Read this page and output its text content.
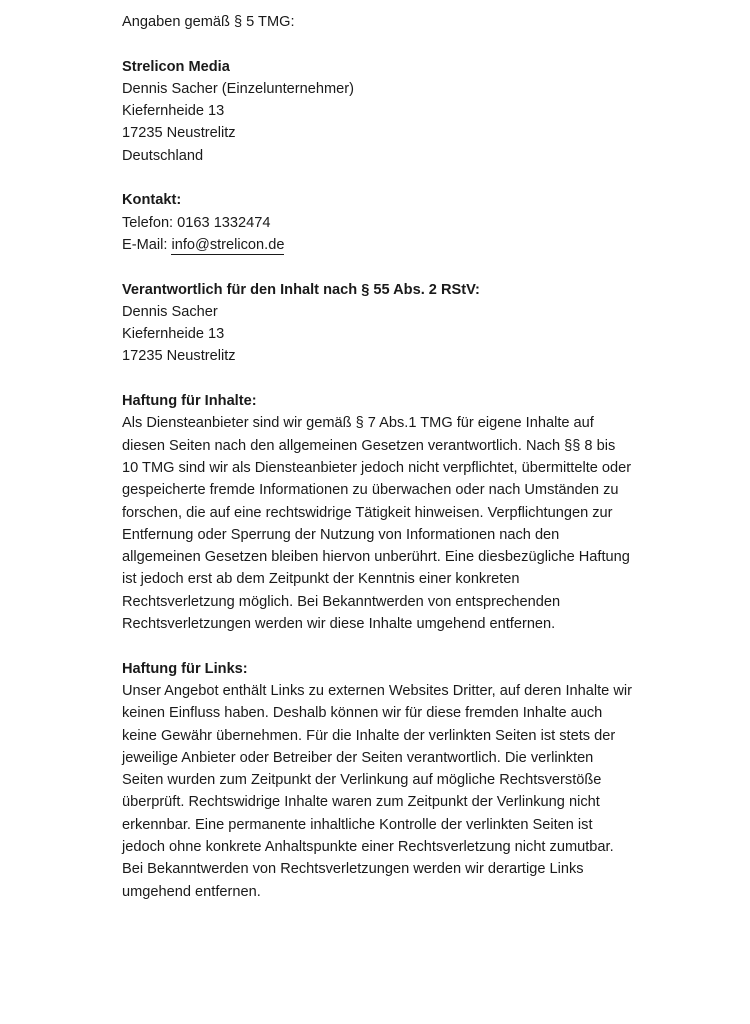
Angaben gemäß § 5 TMG:
Strelicon Media
Dennis Sacher (Einzelunternehmer)
Kiefernheide 13
17235 Neustrelitz
Deutschland
Kontakt:
Telefon: 0163 1332474
E-Mail: info@strelicon.de
Verantwortlich für den Inhalt nach § 55 Abs. 2 RStV:
Dennis Sacher
Kiefernheide 13
17235 Neustrelitz
Haftung für Inhalte:
Als Diensteanbieter sind wir gemäß § 7 Abs.1 TMG für eigene Inhalte auf
diesen Seiten nach den allgemeinen Gesetzen verantwortlich. Nach §§ 8 bis
10 TMG sind wir als Diensteanbieter jedoch nicht verpflichtet, übermittelte oder
gespeicherte fremde Informationen zu überwachen oder nach Umständen zu
forschen, die auf eine rechtswidrige Tätigkeit hinweisen. Verpflichtungen zur
Entfernung oder Sperrung der Nutzung von Informationen nach den
allgemeinen Gesetzen bleiben hiervon unberührt. Eine diesbezügliche Haftung
ist jedoch erst ab dem Zeitpunkt der Kenntnis einer konkreten
Rechtsverletzung möglich. Bei Bekanntwerden von entsprechenden
Rechtsverletzungen werden wir diese Inhalte umgehend entfernen.
Haftung für Links:
Unser Angebot enthält Links zu externen Websites Dritter, auf deren Inhalte wir
keinen Einfluss haben. Deshalb können wir für diese fremden Inhalte auch
keine Gewähr übernehmen. Für die Inhalte der verlinkten Seiten ist stets der
jeweilige Anbieter oder Betreiber der Seiten verantwortlich. Die verlinkten
Seiten wurden zum Zeitpunkt der Verlinkung auf mögliche Rechtsverstöße
überprüft. Rechtswidrige Inhalte waren zum Zeitpunkt der Verlinkung nicht
erkennbar. Eine permanente inhaltliche Kontrolle der verlinkten Seiten ist
jedoch ohne konkrete Anhaltspunkte einer Rechtsverletzung nicht zumutbar.
Bei Bekanntwerden von Rechtsverletzungen werden wir derartige Links
umgehend entfernen.
